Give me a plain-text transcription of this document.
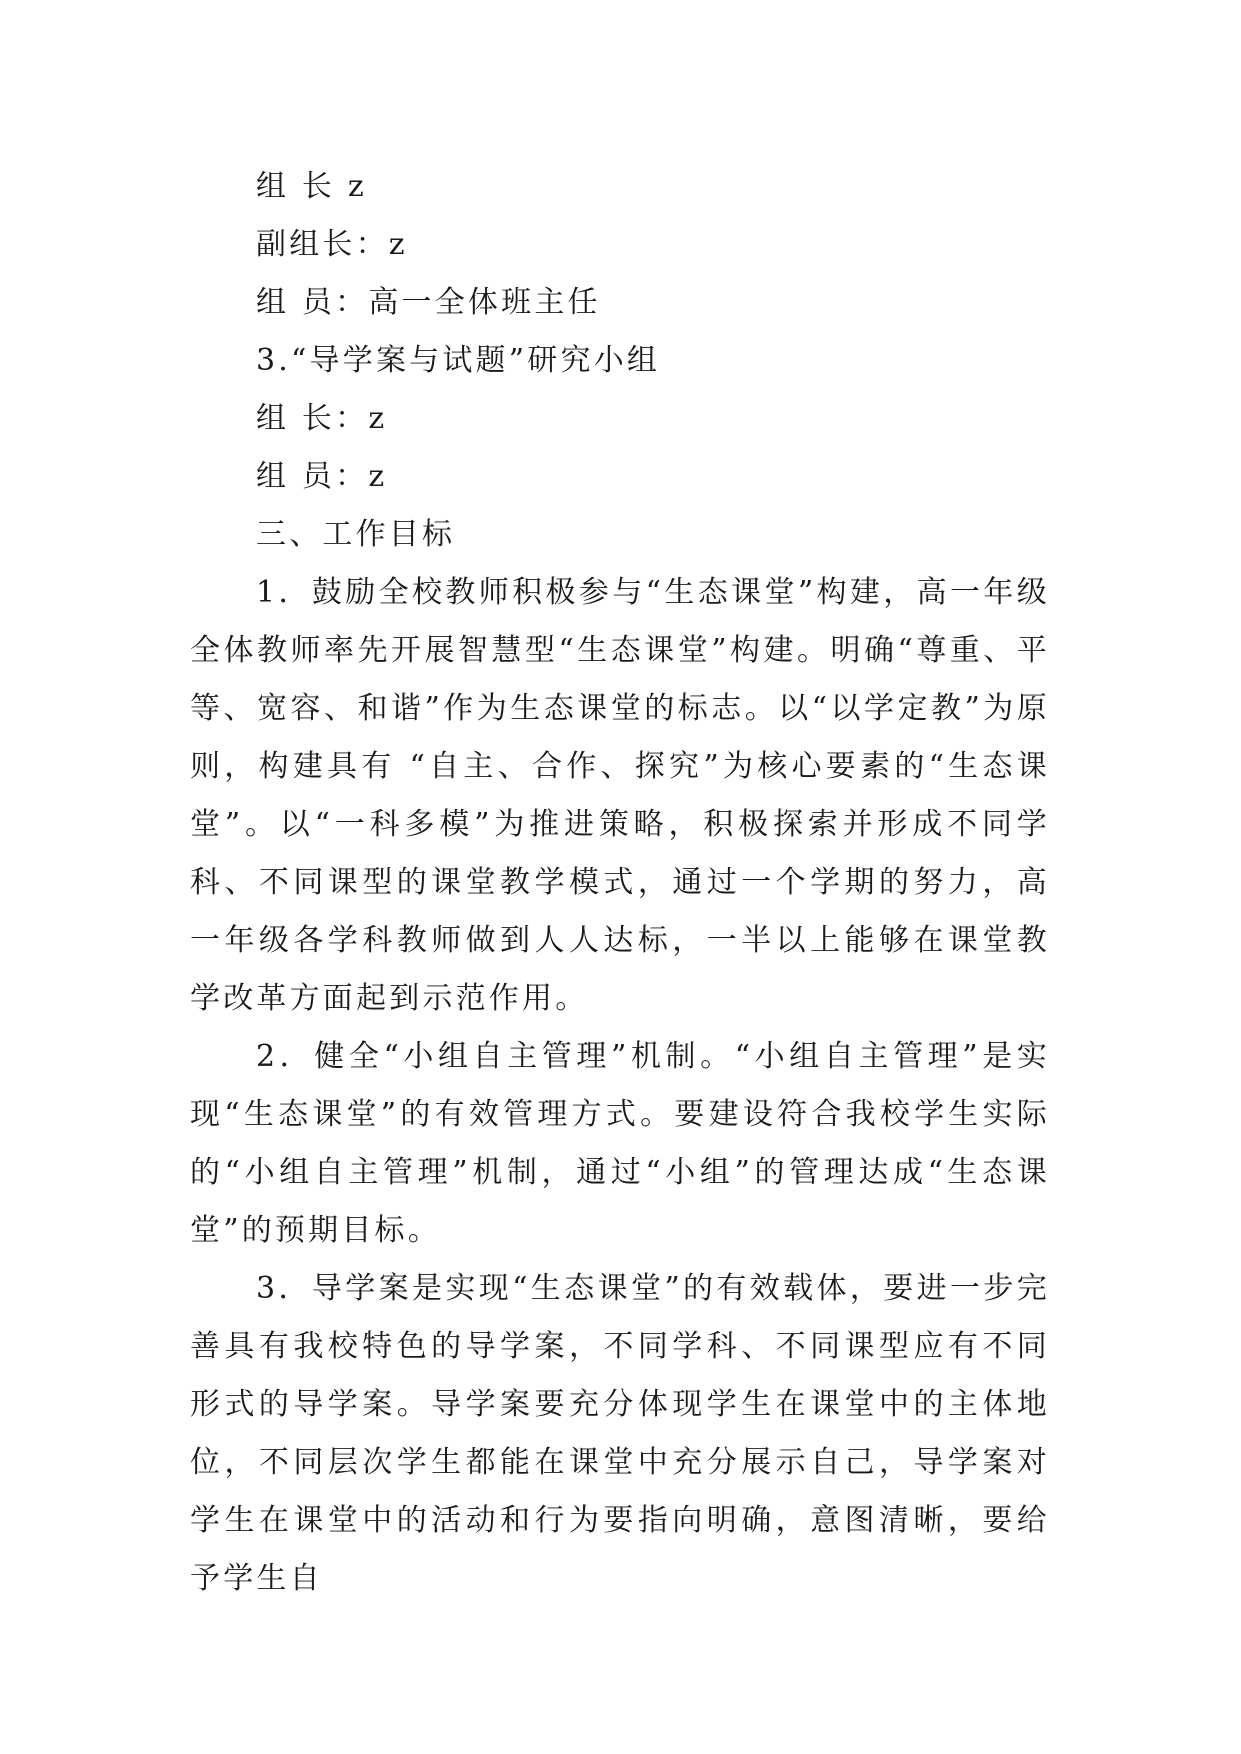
组 长 z
副组长：z
组 员：高一全体班主任
3.“导学案与试题”研究小组
组 长：z
组 员：z
三、工作目标

1．鼓励全校教师积极参与“生态课堂”构建，高一年级全体教师率先开展智慧型“生态课堂”构建。明确“尊重、平等、宽容、和谐”作为生态课堂的标志。以“以学定教”为原则，构建具有 “自主、合作、探究”为核心要素的“生态课堂”。以“一科多模”为推进策略，积极探索并形成不同学科、不同课型的课堂教学模式，通过一个学期的努力，高一年级各学科教师做到人人达标，一半以上能够在课堂教学改革方面起到示范作用。

2．健全“小组自主管理”机制。“小组自主管理”是实现“生态课堂”的有效管理方式。要建设符合我校学生实际的“小组自主管理”机制，通过“小组”的管理达成“生态课堂”的预期目标。

3．导学案是实现“生态课堂”的有效载体，要进一步完善具有我校特色的导学案，不同学科、不同课型应有不同形式的导学案。导学案要充分体现学生在课堂中的主体地位，不同层次学生都能在课堂中充分展示自己，导学案对学生在课堂中的活动和行为要指向明确，意图清晰，要给予学生自
